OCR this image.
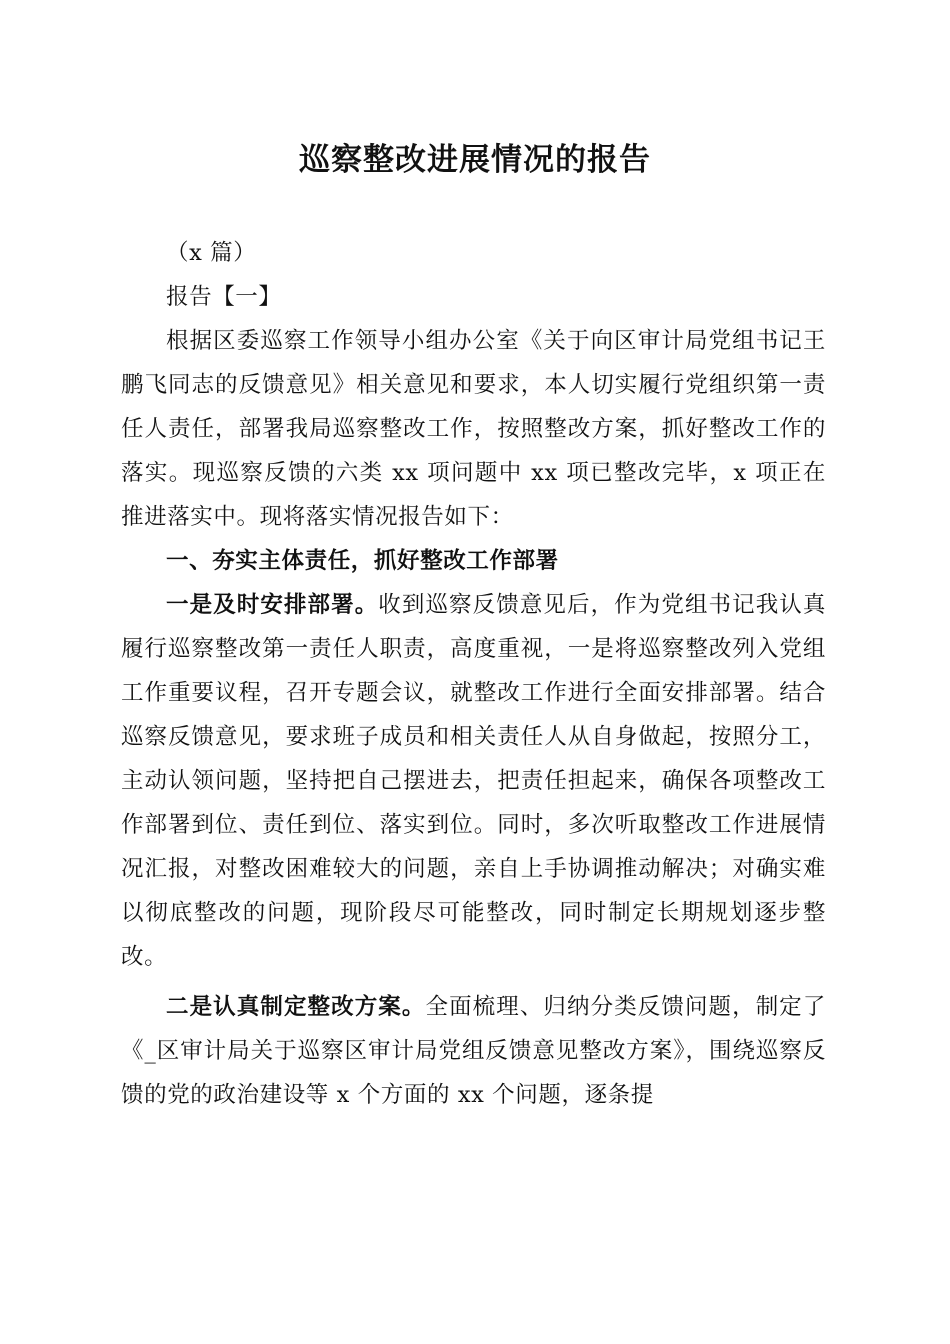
巡察整改进展情况的报告

（x 篇）

报告【一】

根据区委巡察工作领导小组办公室《关于向区审计局党组书记王鹏飞同志的反馈意见》相关意见和要求，本人切实履行党组织第一责任人责任，部署我局巡察整改工作，按照整改方案，抓好整改工作的落实。现巡察反馈的六类 xx 项问题中 xx 项已整改完毕，x 项正在推进落实中。现将落实情况报告如下：

一、夯实主体责任，抓好整改工作部署

一是及时安排部署。收到巡察反馈意见后，作为党组书记我认真履行巡察整改第一责任人职责，高度重视，一是将巡察整改列入党组工作重要议程，召开专题会议，就整改工作进行全面安排部署。结合巡察反馈意见，要求班子成员和相关责任人从自身做起，按照分工，主动认领问题，坚持把自己摆进去，把责任担起来，确保各项整改工作部署到位、责任到位、落实到位。同时，多次听取整改工作进展情况汇报，对整改困难较大的问题，亲自上手协调推动解决；对确实难以彻底整改的问题，现阶段尽可能整改，同时制定长期规划逐步整改。

二是认真制定整改方案。全面梳理、归纳分类反馈问题，制定了《_区审计局关于巡察区审计局党组反馈意见整改方案》，围绕巡察反馈的党的政治建设等 x 个方面的 xx 个问题，逐条提
